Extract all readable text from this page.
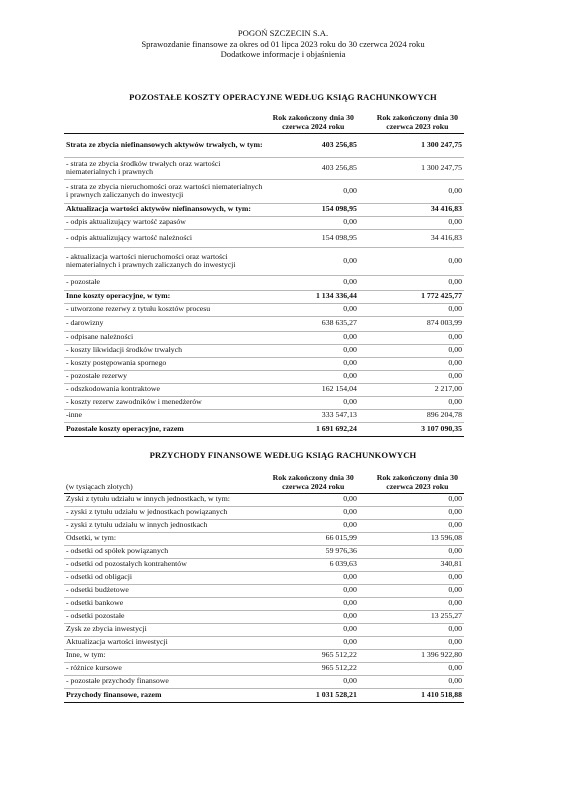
POGOŃ SZCZECIN S.A.
Sprawozdanie finansowe za okres od 01 lipca 2023 roku do 30 czerwca 2024 roku
Dodatkowe informacje i objaśnienia
POZOSTAŁE KOSZTY OPERACYJNE WEDŁUG KSIĄG RACHUNKOWYCH
	Rok zakończony dnia 30 czerwca 2024 roku		Rok zakończony dnia 30 czerwca 2023 roku
Strata ze zbycia niefinansowych aktywów trwałych, w tym:	403 256,85		1 300 247,75
- strata ze zbycia środków trwałych oraz wartości niematerialnych i prawnych	403 256,85		1 300 247,75
- strata ze zbycia nieruchomości oraz wartości niematerialnych i prawnych zaliczanych do inwestycji	0,00		0,00
Aktualizacja wartości aktywów niefinansowych, w tym:	154 098,95		34 416,83
- odpis aktualizujący wartość zapasów	0,00		0,00
- odpis aktualizujący wartość należności	154 098,95		34 416,83
- aktualizacja wartości nieruchomości oraz wartości niematerialnych i prawnych zaliczanych do inwestycji	0,00		0,00
- pozostałe	0,00		0,00
Inne koszty operacyjne, w tym:	1 134 336,44		1 772 425,77
- utworzone rezerwy z tytułu kosztów procesu	0,00		0,00
- darowizny	638 635,27		874 003,99
- odpisane należności	0,00		0,00
- koszty likwidacji środków trwałych	0,00		0,00
- koszty postępowania spornego	0,00		0,00
- pozostałe rezerwy	0,00		0,00
- odszkodowania kontraktowe	162 154,04		2 217,00
- koszty rezerw zawodników i menedżerów	0,00		0,00
-inne	333 547,13		896 204,78
Pozostałe koszty operacyjne, razem	1 691 692,24		3 107 090,35
PRZYCHODY FINANSOWE WEDŁUG KSIĄG RACHUNKOWYCH
(w tysiącach złotych)	Rok zakończony dnia 30 czerwca 2024 roku		Rok zakończony dnia 30 czerwca 2023 roku
Zyski z tytułu udziału w innych jednostkach, w tym:	0,00		0,00
- zyski z tytułu udziału w jednostkach powiązanych	0,00		0,00
- zyski z tytułu udziału w innych jednostkach	0,00		0,00
Odsetki, w tym:	66 015,99		13 596,08
- odsetki od spółek powiązanych	59 976,36		0,00
- odsetki od pozostałych kontrahentów	6 039,63		340,81
- odsetki od obligacji	0,00		0,00
- odsetki budżetowe	0,00		0,00
- odsetki bankowe	0,00		0,00
- odsetki pozostałe	0,00		13 255,27
Zysk ze zbycia inwestycji	0,00		0,00
Aktualizacja wartości inwestycji	0,00		0,00
Inne, w tym:	965 512,22		1 396 922,80
- różnice kursowe	965 512,22		0,00
- pozostałe przychody finansowe	0,00		0,00
Przychody finansowe, razem	1 031 528,21		1 410 518,88
